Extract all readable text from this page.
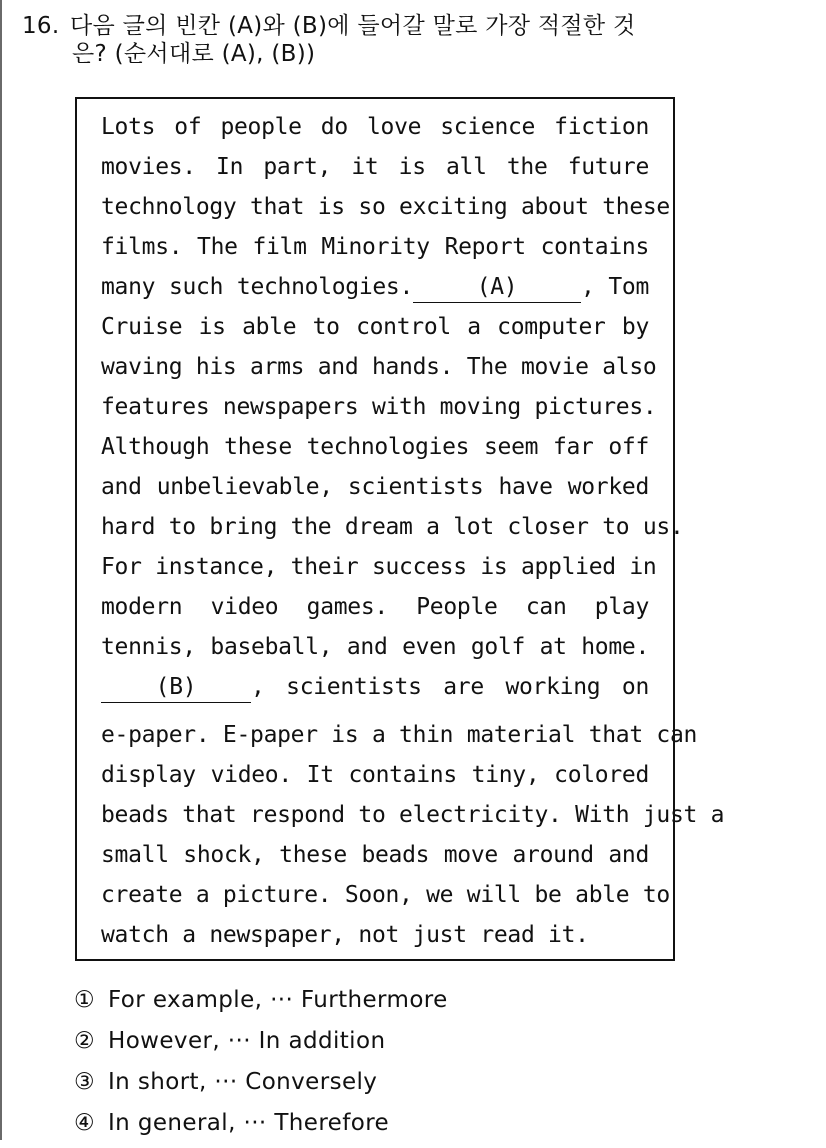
16. 다음 글의 빈칸 (A)와 (B)에 들어갈 말로 가장 적절한 것
은? (순서대로 (A), (B))
Lots of people do love science fiction
movies. In part, it is all the future
technology that is so exciting about these
films. The film Minority Report contains
many such technologies.	(A)	, Tom
Cruise is able to control a computer by
waving his arms and hands. The movie also
features newspapers with moving pictures.
Although these technologies seem far off
and unbelievable, scientists have worked
hard to bring the dream a lot closer to us.
For instance, their success is applied in
modern video games. People can play
tennis, baseball, and even golf at home.
(B) , scientists are working on
e-paper. E-paper is a thin material that can
display video. It contains tiny, colored
beads that respond to electricity. With just a
small shock, these beads move around and
create a picture. Soon, we will be able to
watch a newspaper, not just read it.
① For example, ··· Furthermore
② However, ··· In addition
③ In short, ··· Conversely
④ In general, ··· Therefore
